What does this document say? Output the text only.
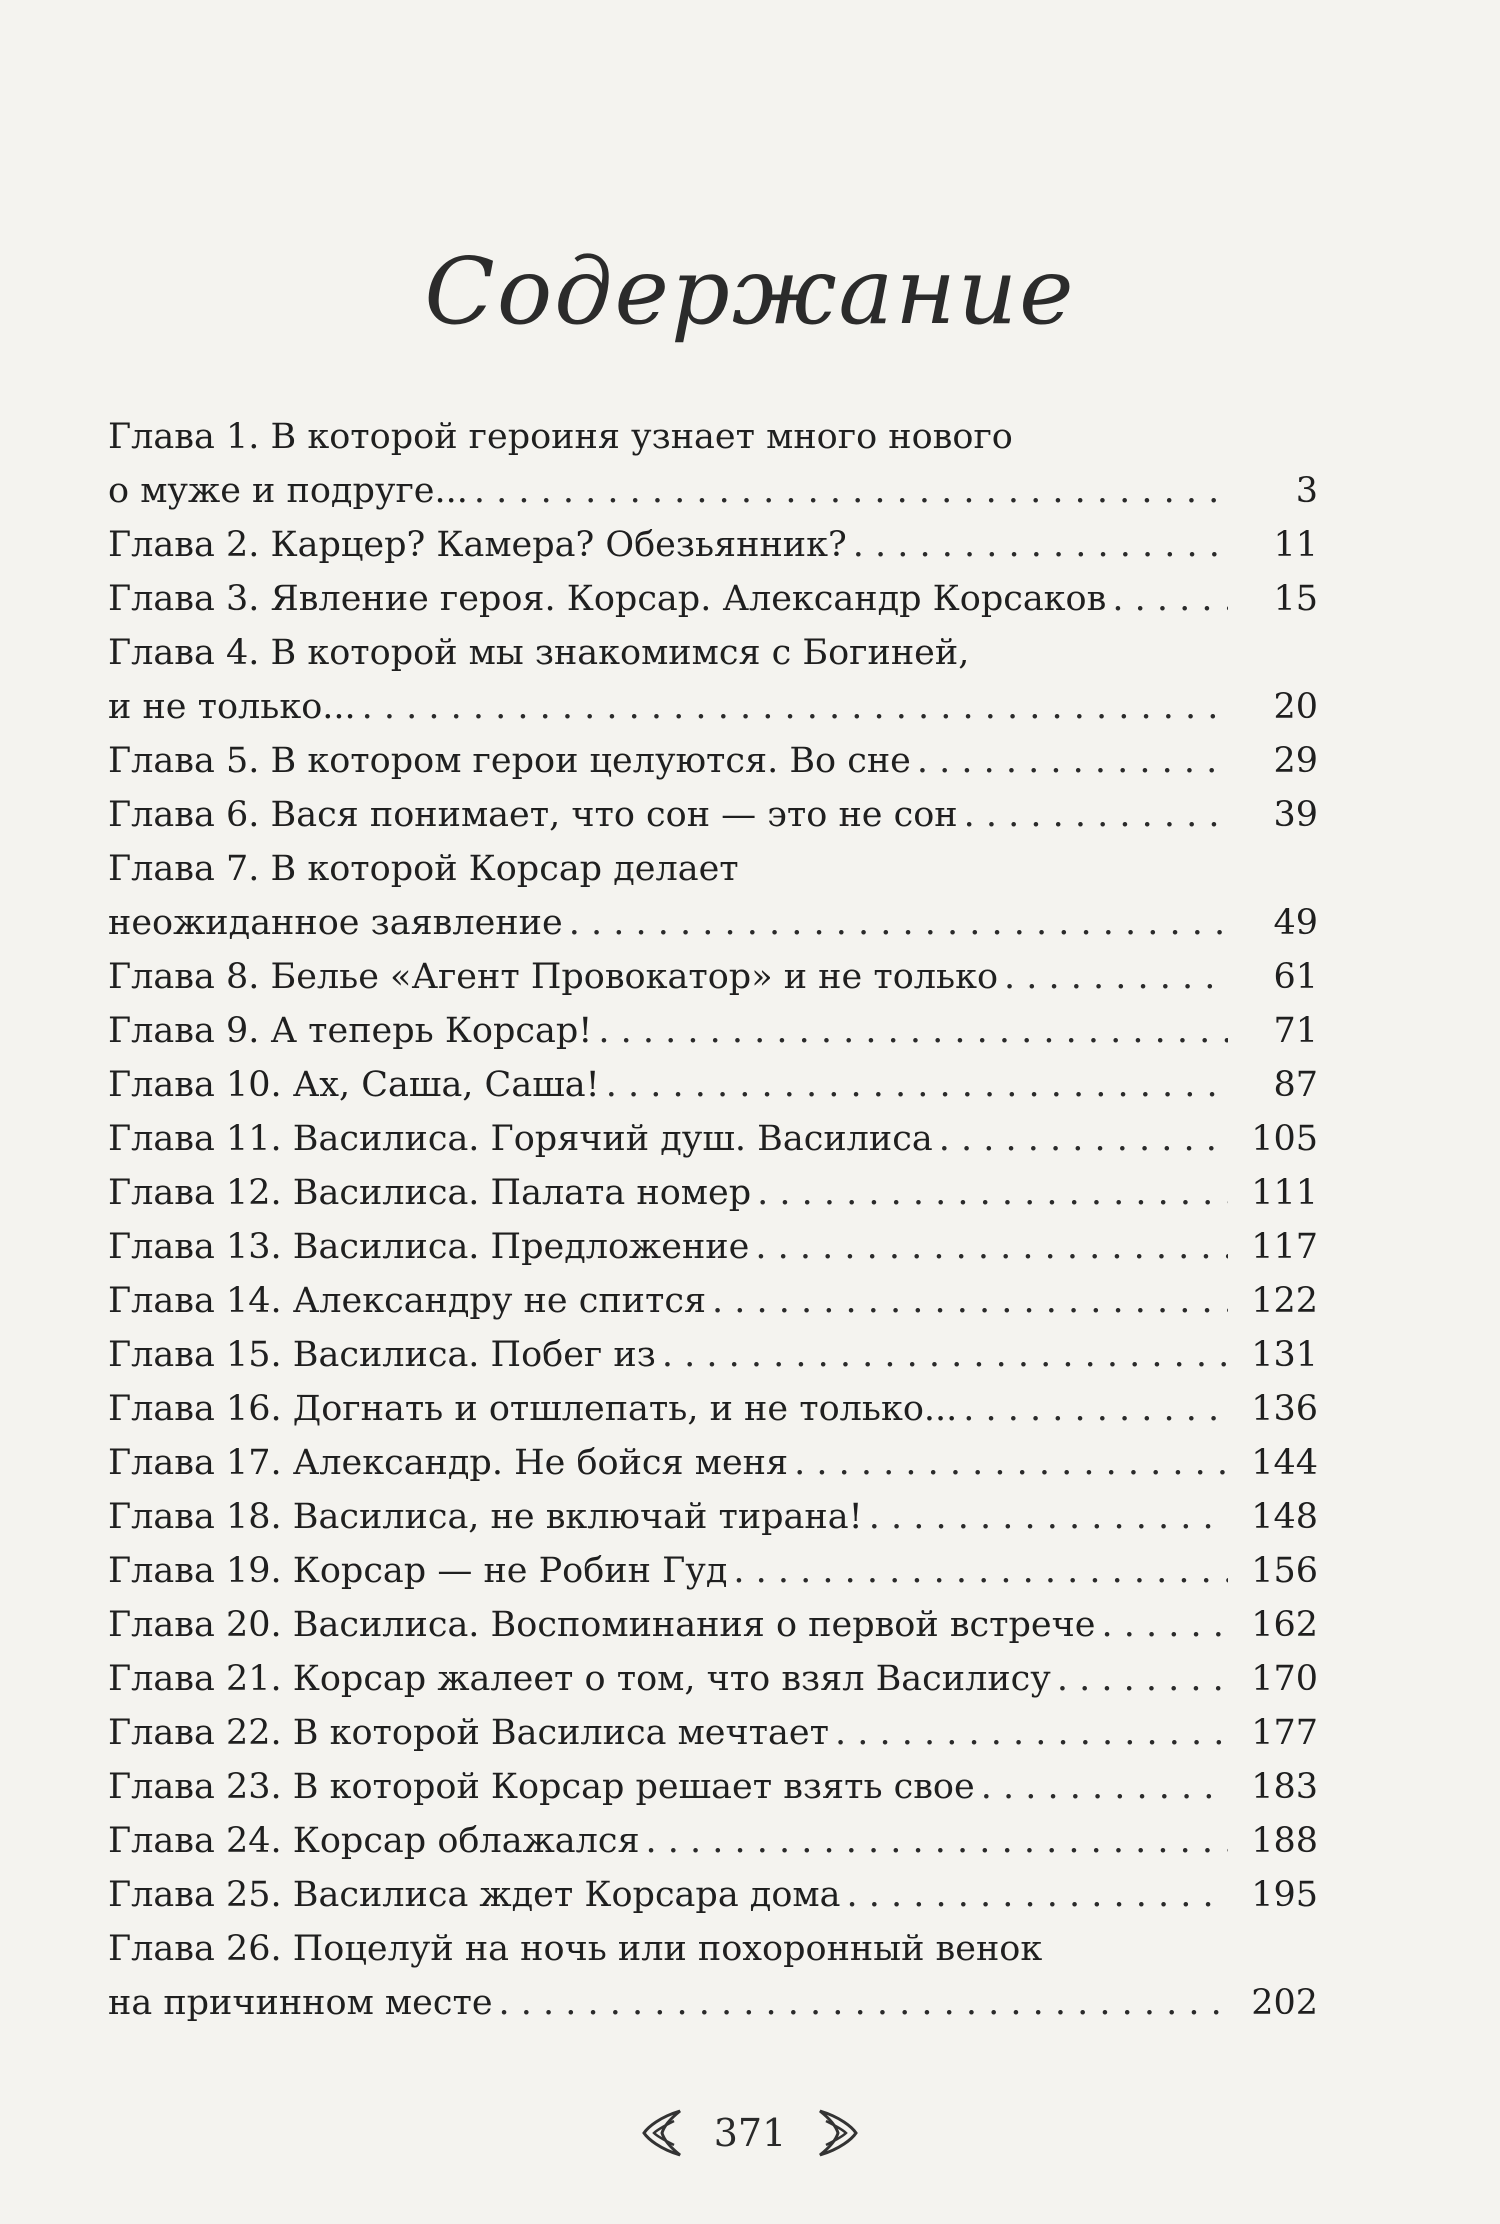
Содержание
Глава 1. В которой героиня узнает много нового
о муже и подруге... . . .	3
Глава 2. Карцер? Камера? Обезьянник? . . .	11
Глава 3. Явление героя. Корсар. Александр Корсаков . . .	15
Глава 4. В которой мы знакомимся с Богиней,
и не только... . . .	20
Глава 5. В котором герои целуются. Во сне . . .	29
Глава 6. Вася понимает, что сон — это не сон . . .	39
Глава 7. В которой Корсар делает
неожиданное заявление . . .	49
Глава 8. Белье «Агент Провокатор» и не только . . .	61
Глава 9. А теперь Корсар! . . .	71
Глава 10. Ах, Саша, Саша! . . .	87
Глава 11. Василиса. Горячий душ. Василиса . . .	105
Глава 12. Василиса. Палата номер . . .	111
Глава 13. Василиса. Предложение . . .	117
Глава 14. Александру не спится . . .	122
Глава 15. Василиса. Побег из . . .	131
Глава 16. Догнать и отшлепать, и не только... . . .	136
Глава 17. Александр. Не бойся меня . . .	144
Глава 18. Василиса, не включай тирана! . . .	148
Глава 19. Корсар — не Робин Гуд . . .	156
Глава 20. Василиса. Воспоминания о первой встрече . . .	162
Глава 21. Корсар жалеет о том, что взял Василису . . .	170
Глава 22. В которой Василиса мечтает . . .	177
Глава 23. В которой Корсар решает взять свое . . .	183
Глава 24. Корсар облажался . . .	188
Глава 25. Василиса ждет Корсара дома . . .	195
Глава 26. Поцелуй на ночь или похоронный венок
на причинном месте . . .	202
371
